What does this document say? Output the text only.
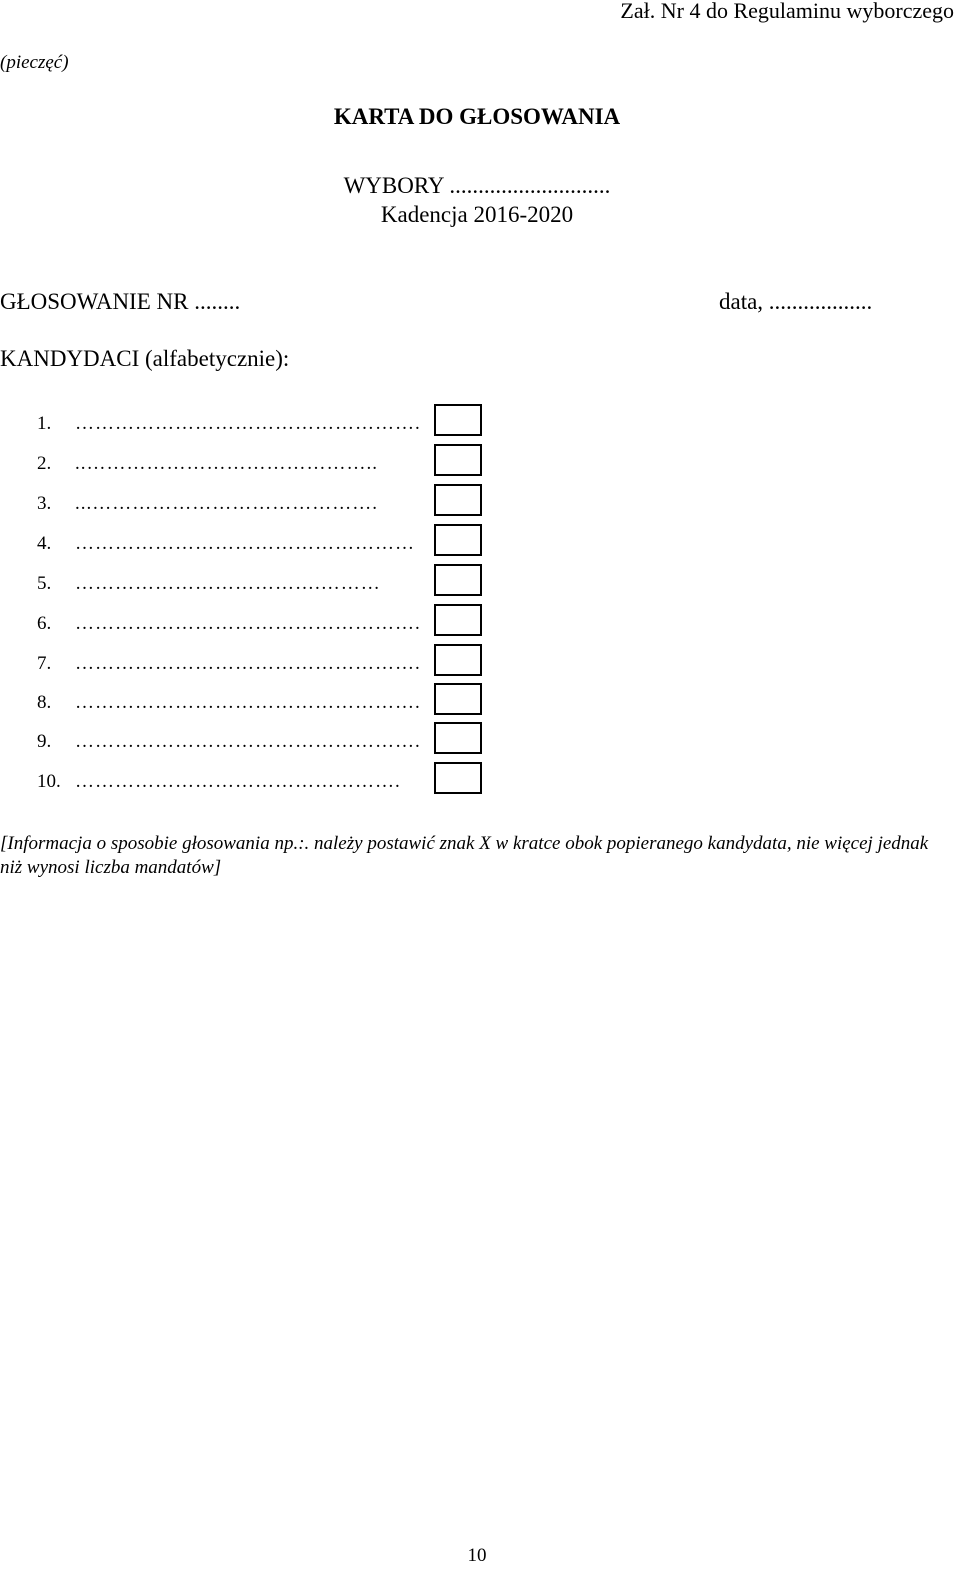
Zał. Nr 4 do Regulaminu wyborczego
(pieczęć)
KARTA DO GŁOSOWANIA
WYBORY ............................
Kadencja 2016-2020
GŁOSOWANIE NR ........	data, ..................
KANDYDACI (alfabetycznie):
1. …………………………………………….
2. ..……………………………………..
3. ...…………………………………….
4. ……………………………………………
5. ……………………………….………
6. …………………………………………….
7. …………………………………………….
8. …………………………………………….
9. …………………………………………….
10. ………………………………………….
[Informacja o sposobie głosowania np.:. należy postawić znak X w kratce obok popieranego kandydata, nie więcej jednak niż wynosi liczba mandatów]
10
